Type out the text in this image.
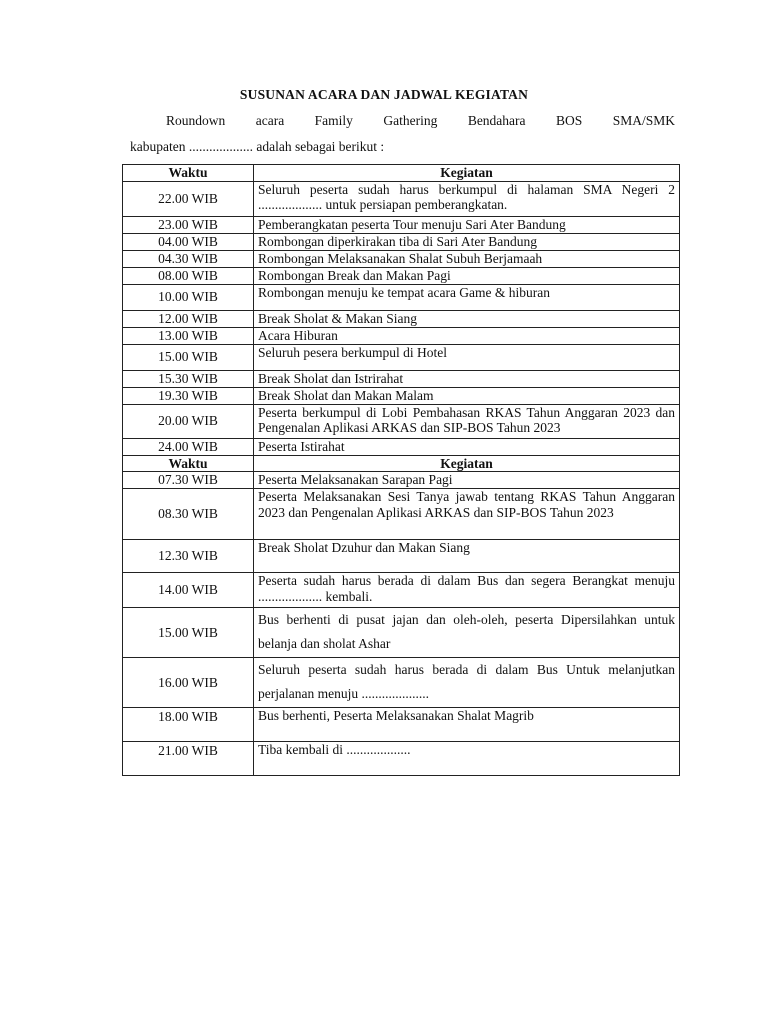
SUSUNAN ACARA DAN JADWAL KEGIATAN
Roundown acara Family Gathering Bendahara BOS SMA/SMK
kabupaten ................... adalah sebagai berikut :
Waktu	Kegiatan
22.00 WIB	Seluruh peserta sudah harus berkumpul di halaman SMA Negeri 2 ................... untuk persiapan pemberangkatan.
23.00 WIB	Pemberangkatan peserta Tour menuju Sari Ater Bandung
04.00 WIB	Rombongan diperkirakan tiba di Sari Ater Bandung
04.30 WIB	Rombongan Melaksanakan Shalat Subuh Berjamaah
08.00 WIB	Rombongan Break dan Makan Pagi
10.00 WIB	Rombongan menuju ke tempat acara Game & hiburan
12.00 WIB	Break Sholat & Makan Siang
13.00 WIB	Acara Hiburan
15.00 WIB	Seluruh pesera berkumpul di Hotel
15.30 WIB	Break Sholat dan Istrirahat
19.30 WIB	Break Sholat dan Makan Malam
20.00 WIB	Peserta berkumpul di Lobi Pembahasan RKAS Tahun Anggaran 2023 dan Pengenalan Aplikasi ARKAS dan SIP-BOS Tahun 2023
24.00 WIB	Peserta Istirahat
Waktu	Kegiatan
07.30 WIB	Peserta Melaksanakan Sarapan Pagi
08.30 WIB	Peserta Melaksanakan Sesi Tanya jawab tentang RKAS Tahun Anggaran 2023 dan Pengenalan Aplikasi ARKAS dan SIP-BOS Tahun 2023
12.30 WIB	Break Sholat Dzuhur dan Makan Siang
14.00 WIB	Peserta sudah harus berada di dalam Bus dan segera Berangkat menuju ................... kembali.
15.00 WIB	Bus berhenti di pusat jajan dan oleh-oleh, peserta Dipersilahkan untuk belanja dan sholat Ashar
16.00 WIB	Seluruh peserta sudah harus berada di dalam Bus Untuk melanjutkan perjalanan menuju ....................
18.00 WIB	Bus berhenti, Peserta Melaksanakan Shalat Magrib
21.00 WIB	Tiba kembali di ...................
